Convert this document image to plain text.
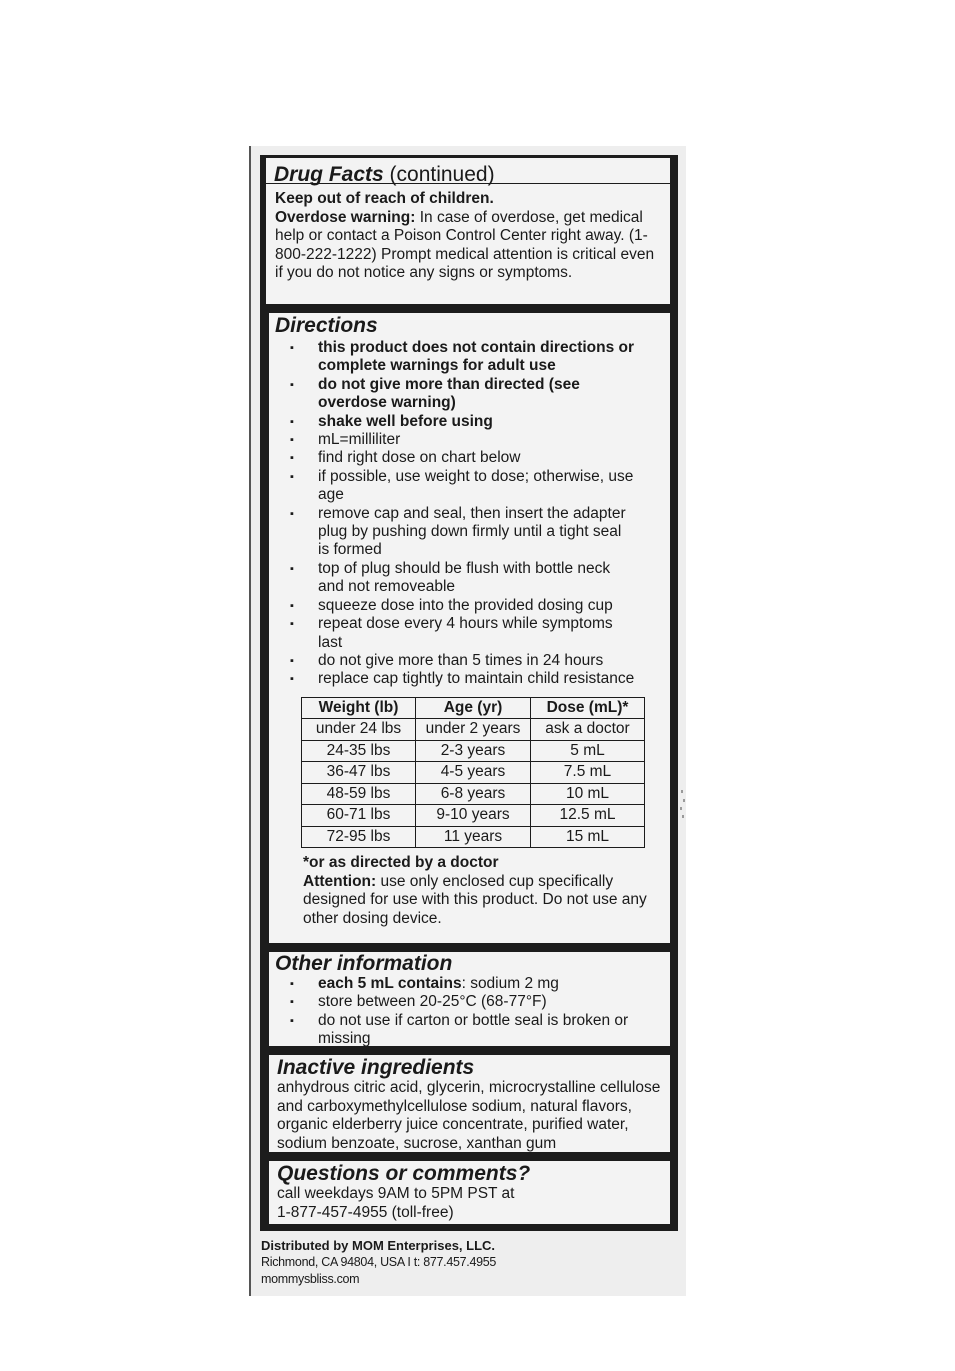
Drug Facts (continued)

Keep out of reach of children.

Overdose warning: In case of overdose, get medical help or contact a Poison Control Center right away. (1-800-222-1222) Prompt medical attention is critical even if you do not notice any signs or symptoms.

Directions

▪ this product does not contain directions or complete warnings for adult use
▪ do not give more than directed (see overdose warning)
▪ shake well before using
▪ mL=milliliter
▪ find right dose on chart below
▪ if possible, use weight to dose; otherwise, use age
▪ remove cap and seal, then insert the adapter plug by pushing down firmly until a tight seal is formed
▪ top of plug should be flush with bottle neck and not removeable
▪ squeeze dose into the provided dosing cup
▪ repeat dose every 4 hours while symptoms last
▪ do not give more than 5 times in 24 hours
▪ replace cap tightly to maintain child resistance
Weight (lb)	Age (yr)	Dose (mL)*
under 24 lbs	under 2 years	ask a doctor
24-35 lbs	2-3 years	5 mL
36-47 lbs	4-5 years	7.5 mL
48-59 lbs	6-8 years	10 mL
60-71 lbs	9-10 years	12.5 mL
72-95 lbs	11 years	15 mL

*or as directed by a doctor

Attention: use only enclosed cup specifically designed for use with this product. Do not use any other dosing device.

Other information

▪ each 5 mL contains: sodium 2 mg
▪ store between 20-25°C (68-77°F)
▪ do not use if carton or bottle seal is broken or missing

Inactive ingredients

anhydrous citric acid, glycerin, microcrystalline cellulose and carboxymethylcellulose sodium, natural flavors, organic elderberry juice concentrate, purified water, sodium benzoate, sucrose, xanthan gum

Questions or comments?

call weekdays 9AM to 5PM PST at

1-877-457-4955 (toll-free)

Distributed by MOM Enterprises, LLC.
Richmond, CA 94804, USA I t: 877.457.4955
mommysbliss.com
